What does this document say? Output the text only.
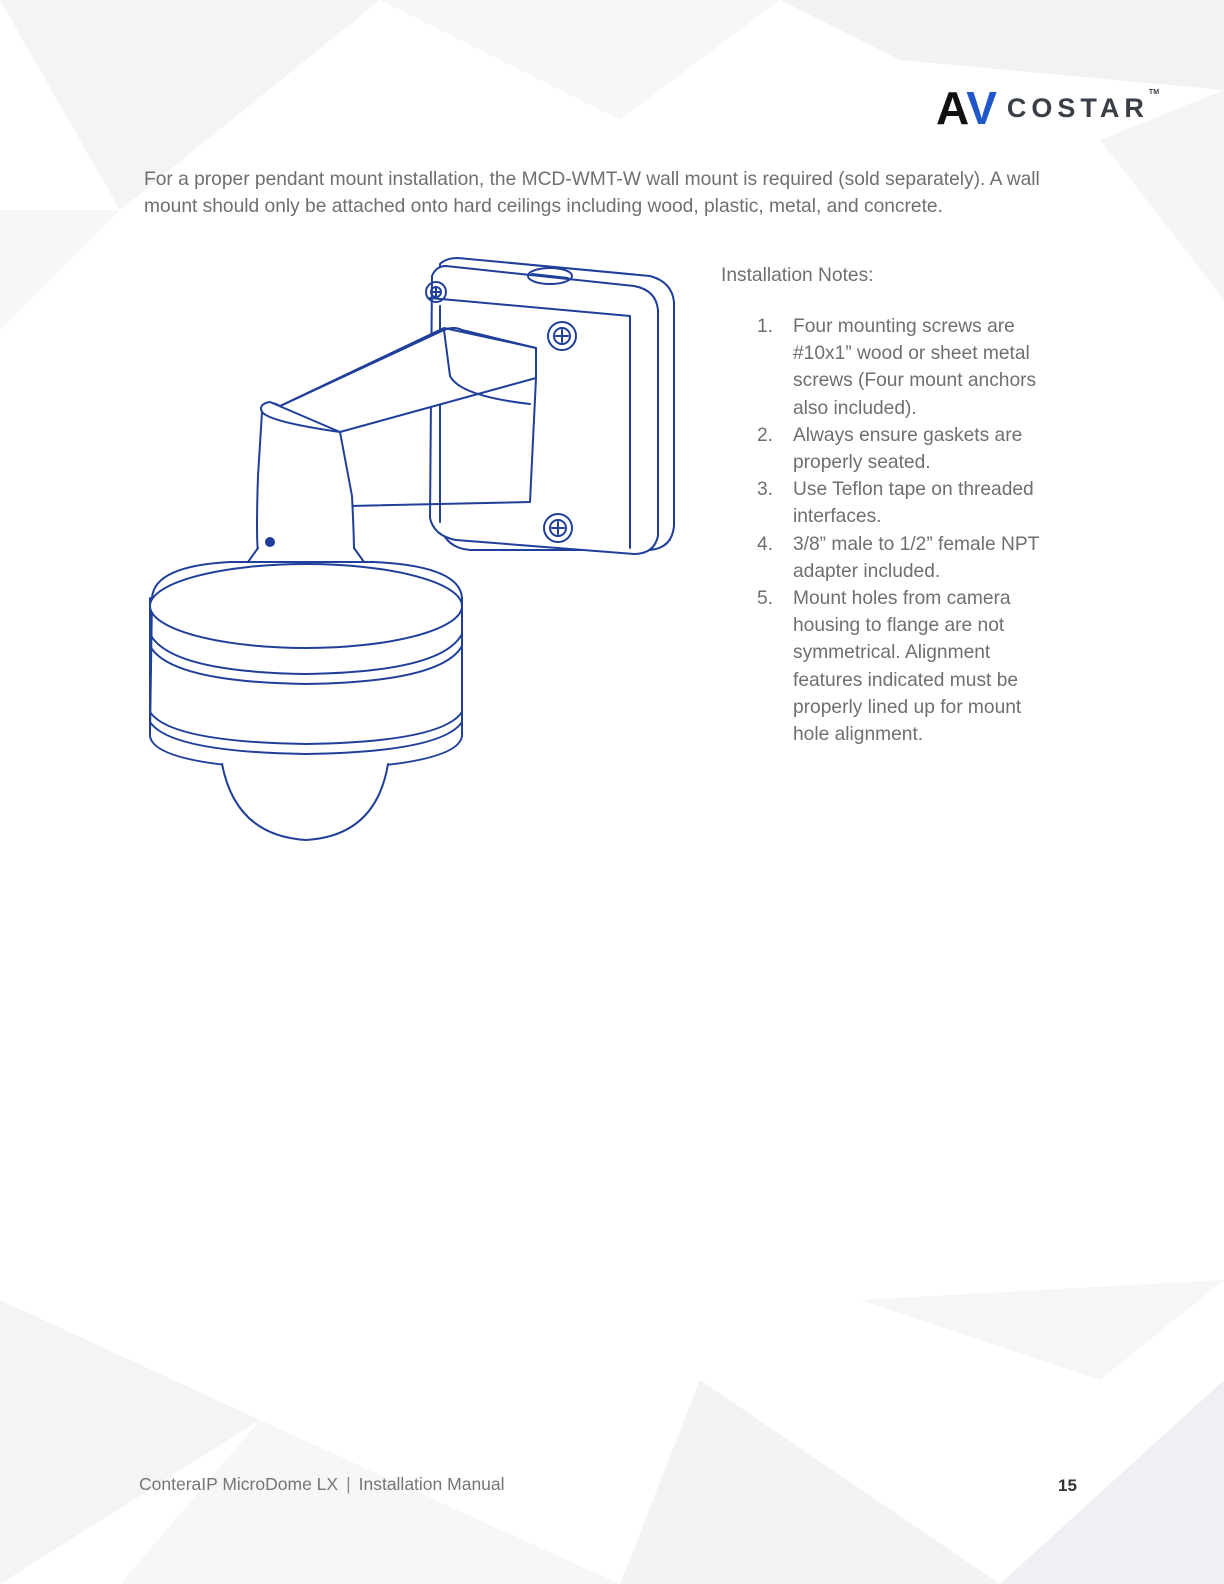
A V COSTAR™

For a proper pendant mount installation, the MCD-WMT-W wall mount is required (sold separately). A wall mount should only be attached onto hard ceilings including wood, plastic, metal, and concrete.

Installation Notes:

1.	Four mounting screws are #10x1” wood or sheet metal screws (Four mount anchors also included).
2.	Always ensure gaskets are properly seated.
3.	Use Teflon tape on threaded interfaces.
4.	3/8” male to 1/2” female NPT adapter included.
5.	Mount holes from camera housing to flange are not symmetrical. Alignment features indicated must be properly lined up for mount hole alignment.
ConteraIP MicroDome LX | Installation Manual	15
